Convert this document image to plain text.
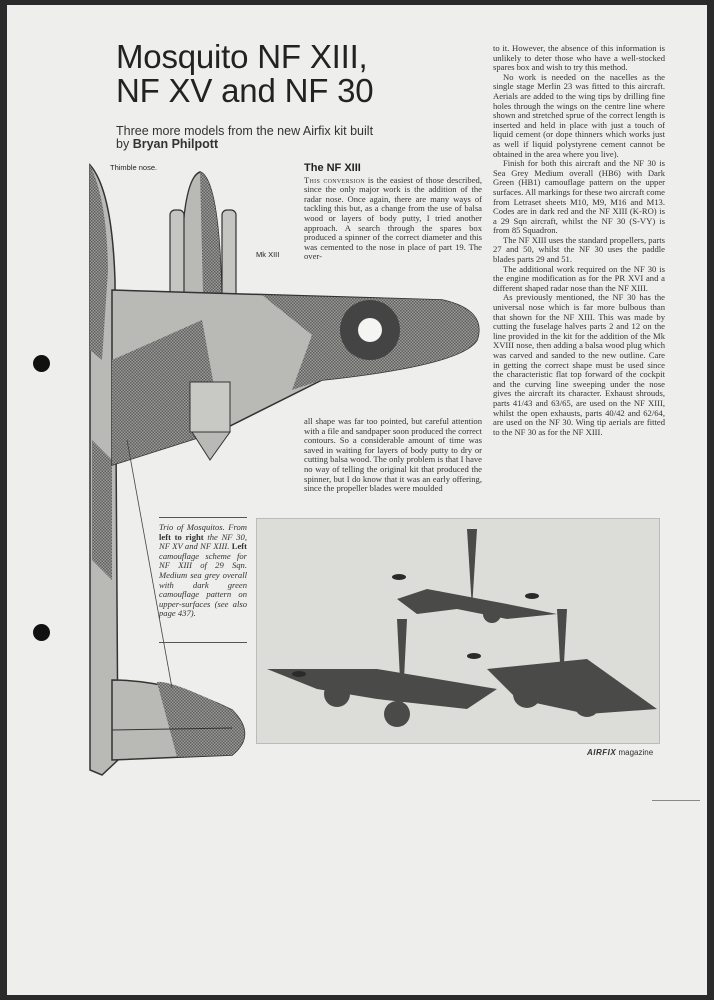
Thimble nose.
Mk XIII
Mosquito NF XIII,
NF XV and NF 30
Three more models from the new Airfix kit built by Bryan Philpott
The NF XIII

This conversion is the easiest of those described, since the only major work is the addition of the radar nose. Once again, there are many ways of tackling this but, as a change from the use of balsa wood or layers of body putty, I tried another approach. A search through the spares box produced a spinner of the correct diameter and this was cemented to the nose in place of part 19. The over-

all shape was far too pointed, but careful attention with a file and sandpaper soon produced the correct contours. So a considerable amount of time was saved in waiting for layers of body putty to dry or cutting balsa wood. The only problem is that I have no way of telling the original kit that produced the spinner, but I do know that it was an early offering, since the propeller blades were moulded

to it. However, the absence of this information is unlikely to deter those who have a well-stocked spares box and wish to try this method.

No work is needed on the nacelles as the single stage Merlin 23 was fitted to this aircraft. Aerials are added to the wing tips by drilling fine holes through the wings on the centre line where shown and stretched sprue of the correct length is inserted and held in place with just a touch of liquid cement (or dope thinners which works just as well if liquid polystyrene cement cannot be obtained in the area where you live).

Finish for both this aircraft and the NF 30 is Sea Grey Medium overall (HB6) with Dark Green (HB1) camouflage pattern on the upper surfaces. All markings for these two aircraft come from Letraset sheets M10, M9, M16 and M13. Codes are in dark red and the NF XIII (K-RO) is a 29 Sqn aircraft, whilst the NF 30 (S-VY) is from 85 Squadron.

The NF XIII uses the standard propellers, parts 27 and 50, whilst the NF 30 uses the paddle blades parts 29 and 51.

The additional work required on the NF 30 is the engine modification as for the PR XVI and a different shaped radar nose than the NF XIII.

As previously mentioned, the NF 30 has the universal nose which is far more bulbous than that shown for the NF XIII. This was made by cutting the fuselage halves parts 2 and 12 on the line provided in the kit for the addition of the Mk XVIII nose, then adding a balsa wood plug which was carved and sanded to the new outline. Care in getting the correct shape must be used since the characteristic flat top forward of the cockpit and the curving line sweeping under the nose gives the aircraft its character. Exhaust shrouds, parts 41/43 and 63/65, are used on the NF XIII, whilst the open exhausts, parts 40/42 and 62/64, are used on the NF 30. Wing tip aerials are fitted to the NF 30 as for the NF XIII.

Trio of Mosquitos. From left to right the NF 30, NF XV and NF XIII. Left camouflage scheme for NF XIII of 29 Sqn. Medium sea grey overall with dark green camouflage pattern on upper-surfaces (see also page 437).
AIRFIX magazine
